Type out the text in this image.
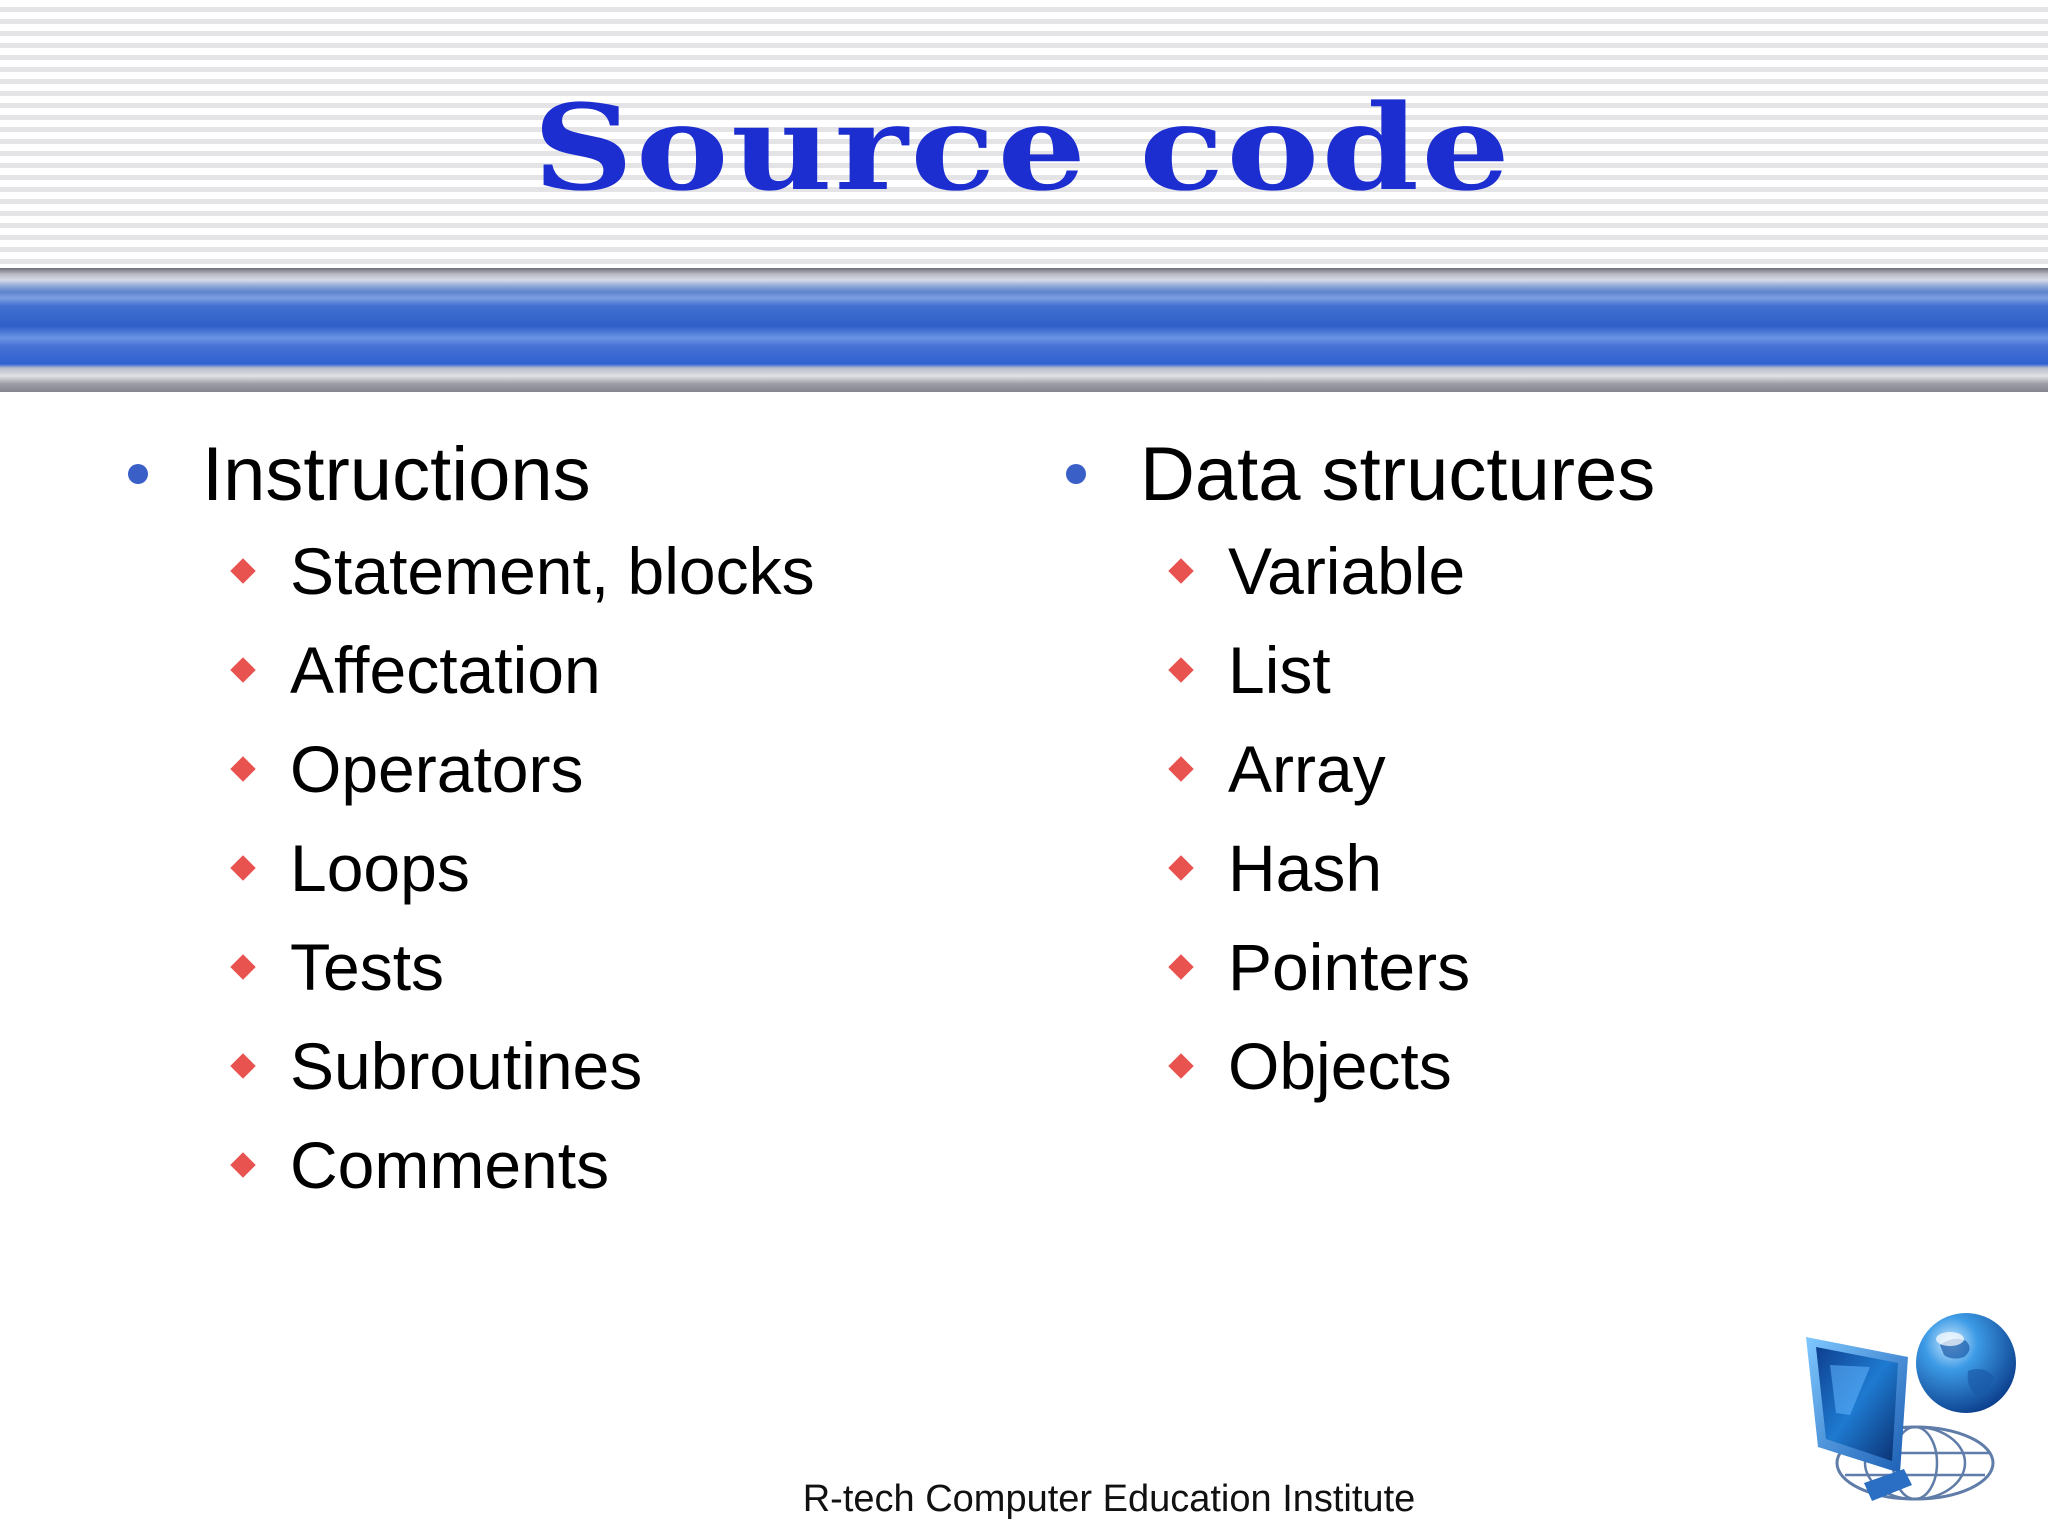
Source code
Instructions
Statement, blocks
Affectation
Operators
Loops
Tests
Subroutines
Comments
Data structures
Variable
List
Array
Hash
Pointers
Objects
R-tech Computer Education Institute
